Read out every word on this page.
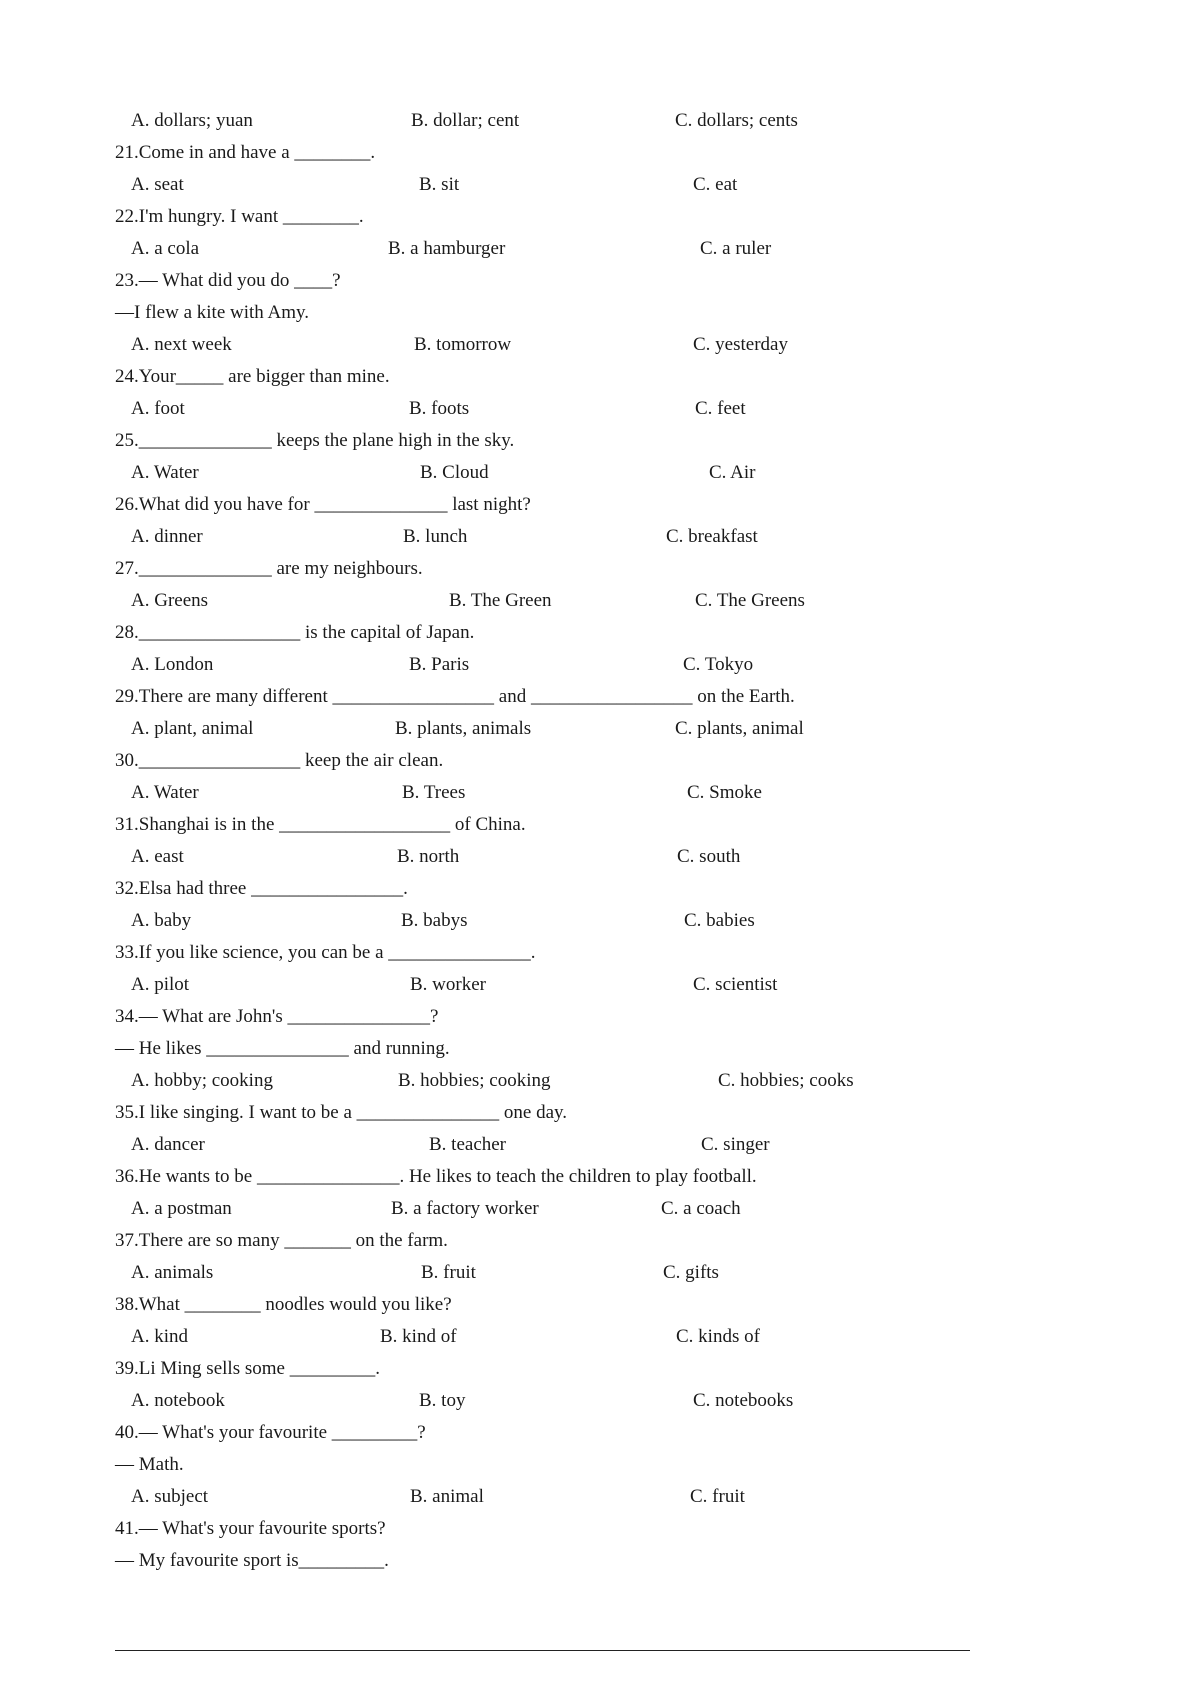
A. dollars; yuan	B. dollar; cent	C. dollars; cents
21.Come in and have a ________.
A. seat	B. sit	C. eat
22.I'm hungry. I want ________.
A. a cola	B. a hamburger	C. a ruler
23.— What did you do ____?
—I flew a kite with Amy.
A. next week	B. tomorrow	C. yesterday
24.Your_____ are bigger than mine.
A. foot	B. foots	C. feet
25.______________ keeps the plane high in the sky.
A. Water	B. Cloud	C. Air
26.What did you have for ______________ last night?
A. dinner	B. lunch	C. breakfast
27.______________ are my neighbours.
A. Greens	B. The Green	C. The Greens
28._________________ is the capital of Japan.
A. London	B. Paris	C. Tokyo
29.There are many different _________________ and _________________ on the Earth.
A. plant, animal	B. plants, animals	C. plants, animal
30._________________ keep the air clean.
A. Water	B. Trees	C. Smoke
31.Shanghai is in the __________________ of China.
A. east	B. north	C. south
32.Elsa had three ________________.
A. baby	B. babys	C. babies
33.If you like science, you can be a _______________.
A. pilot	B. worker	C. scientist
34.— What are John's _______________?
— He likes _______________ and running.
A. hobby; cooking	B. hobbies; cooking	C. hobbies; cooks
35.I like singing. I want to be a _______________ one day.
A. dancer	B. teacher	C. singer
36.He wants to be _______________. He likes to teach the children to play football.
A. a postman	B. a factory worker	C. a coach
37.There are so many _______ on the farm.
A. animals	B. fruit	C. gifts
38.What ________ noodles would you like?
A. kind	B. kind of	C. kinds of
39.Li Ming sells some _________.
A. notebook	B. toy	C. notebooks
40.— What's your favourite _________?
— Math.
A. subject	B. animal	C. fruit
41.— What's your favourite sports?
— My favourite sport is_________.
